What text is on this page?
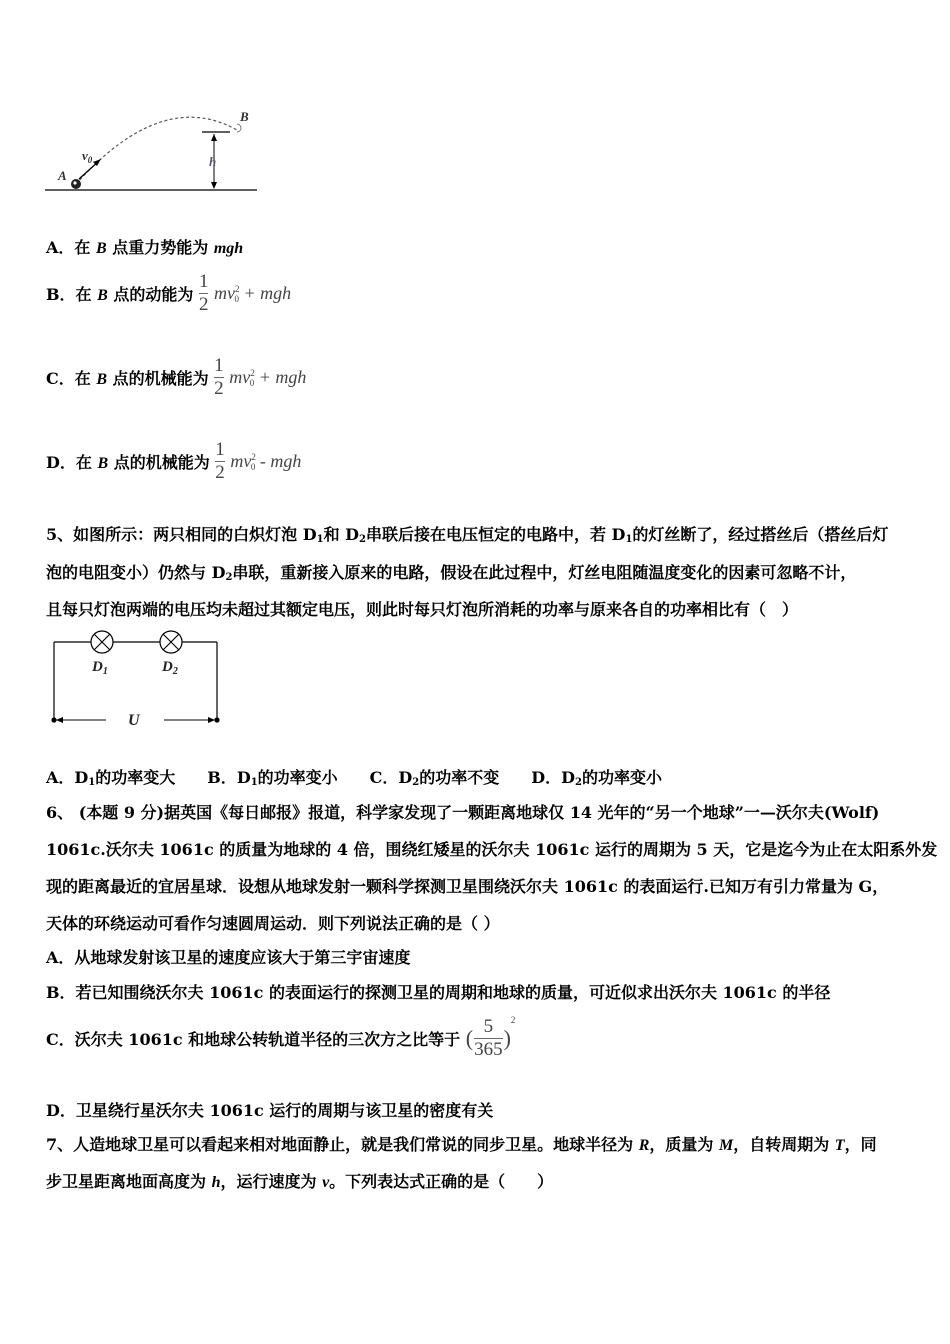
A
$v_0$
B
h
A．在 B 点重力势能为 mgh
B．在 B 点的动能为 $\frac{1}{2} mv^2_0$ + mgh
C．在 B 点的机械能为 $\frac{1}{2} mv^2_0$ + mgh
D．在 B 点的机械能为 $\frac{1}{2} mv^2_0$ - mgh
5、如图所示：两只相同的白炽灯泡 $D_1$和 $D_2$串联后接在电压恒定的电路中，若 $D_1$的灯丝断了，经过搭丝后（搭丝后灯
泡的电阻变小）仍然与 $D_2$串联，重新接入原来的电路，假设在此过程中，灯丝电阻随温度变化的因素可忽略不计，
且每只灯泡两端的电压均未超过其额定电压，则此时每只灯泡所消耗的功率与原来各自的功率相比有（　）
$D_1$	$D_2$
U
A．$D_1$的功率变大 B．$D_1$的功率变小 C．$D_2$的功率不变 D．$D_2$的功率变小
6、 (本题 9 分)据英国《每日邮报》报道，科学家发现了一颗距离地球仅 14 光年的“另一个地球”一—沃尔夫(Wolf)
1061c.沃尔夫 1061c 的质量为地球的 4 倍，围绕红矮星的沃尔夫 1061c 运行的周期为 5 天，它是迄今为止在太阳系外发
现的距离最近的宜居星球．设想从地球发射一颗科学探测卫星围绕沃尔夫 1061c 的表面运行.已知万有引力常量为 G，
天体的环绕运动可看作匀速圆周运动．则下列说法正确的是（ ）
A．从地球发射该卫星的速度应该大于第三宇宙速度
B．若已知围绕沃尔夫 1061c 的表面运行的探测卫星的周期和地球的质量，可近似求出沃尔夫 1061c 的半径
C．沃尔夫 1061c 和地球公转轨道半径的三次方之比等于 ( $\frac{5}{365} )^2$
D．卫星绕行星沃尔夫 1061c 运行的周期与该卫星的密度有关
7、人造地球卫星可以看起来相对地面静止，就是我们常说的同步卫星。地球半径为 R，质量为 M，自转周期为 T，同
步卫星距离地面高度为 h，运行速度为 v。下列表达式正确的是（　　）
